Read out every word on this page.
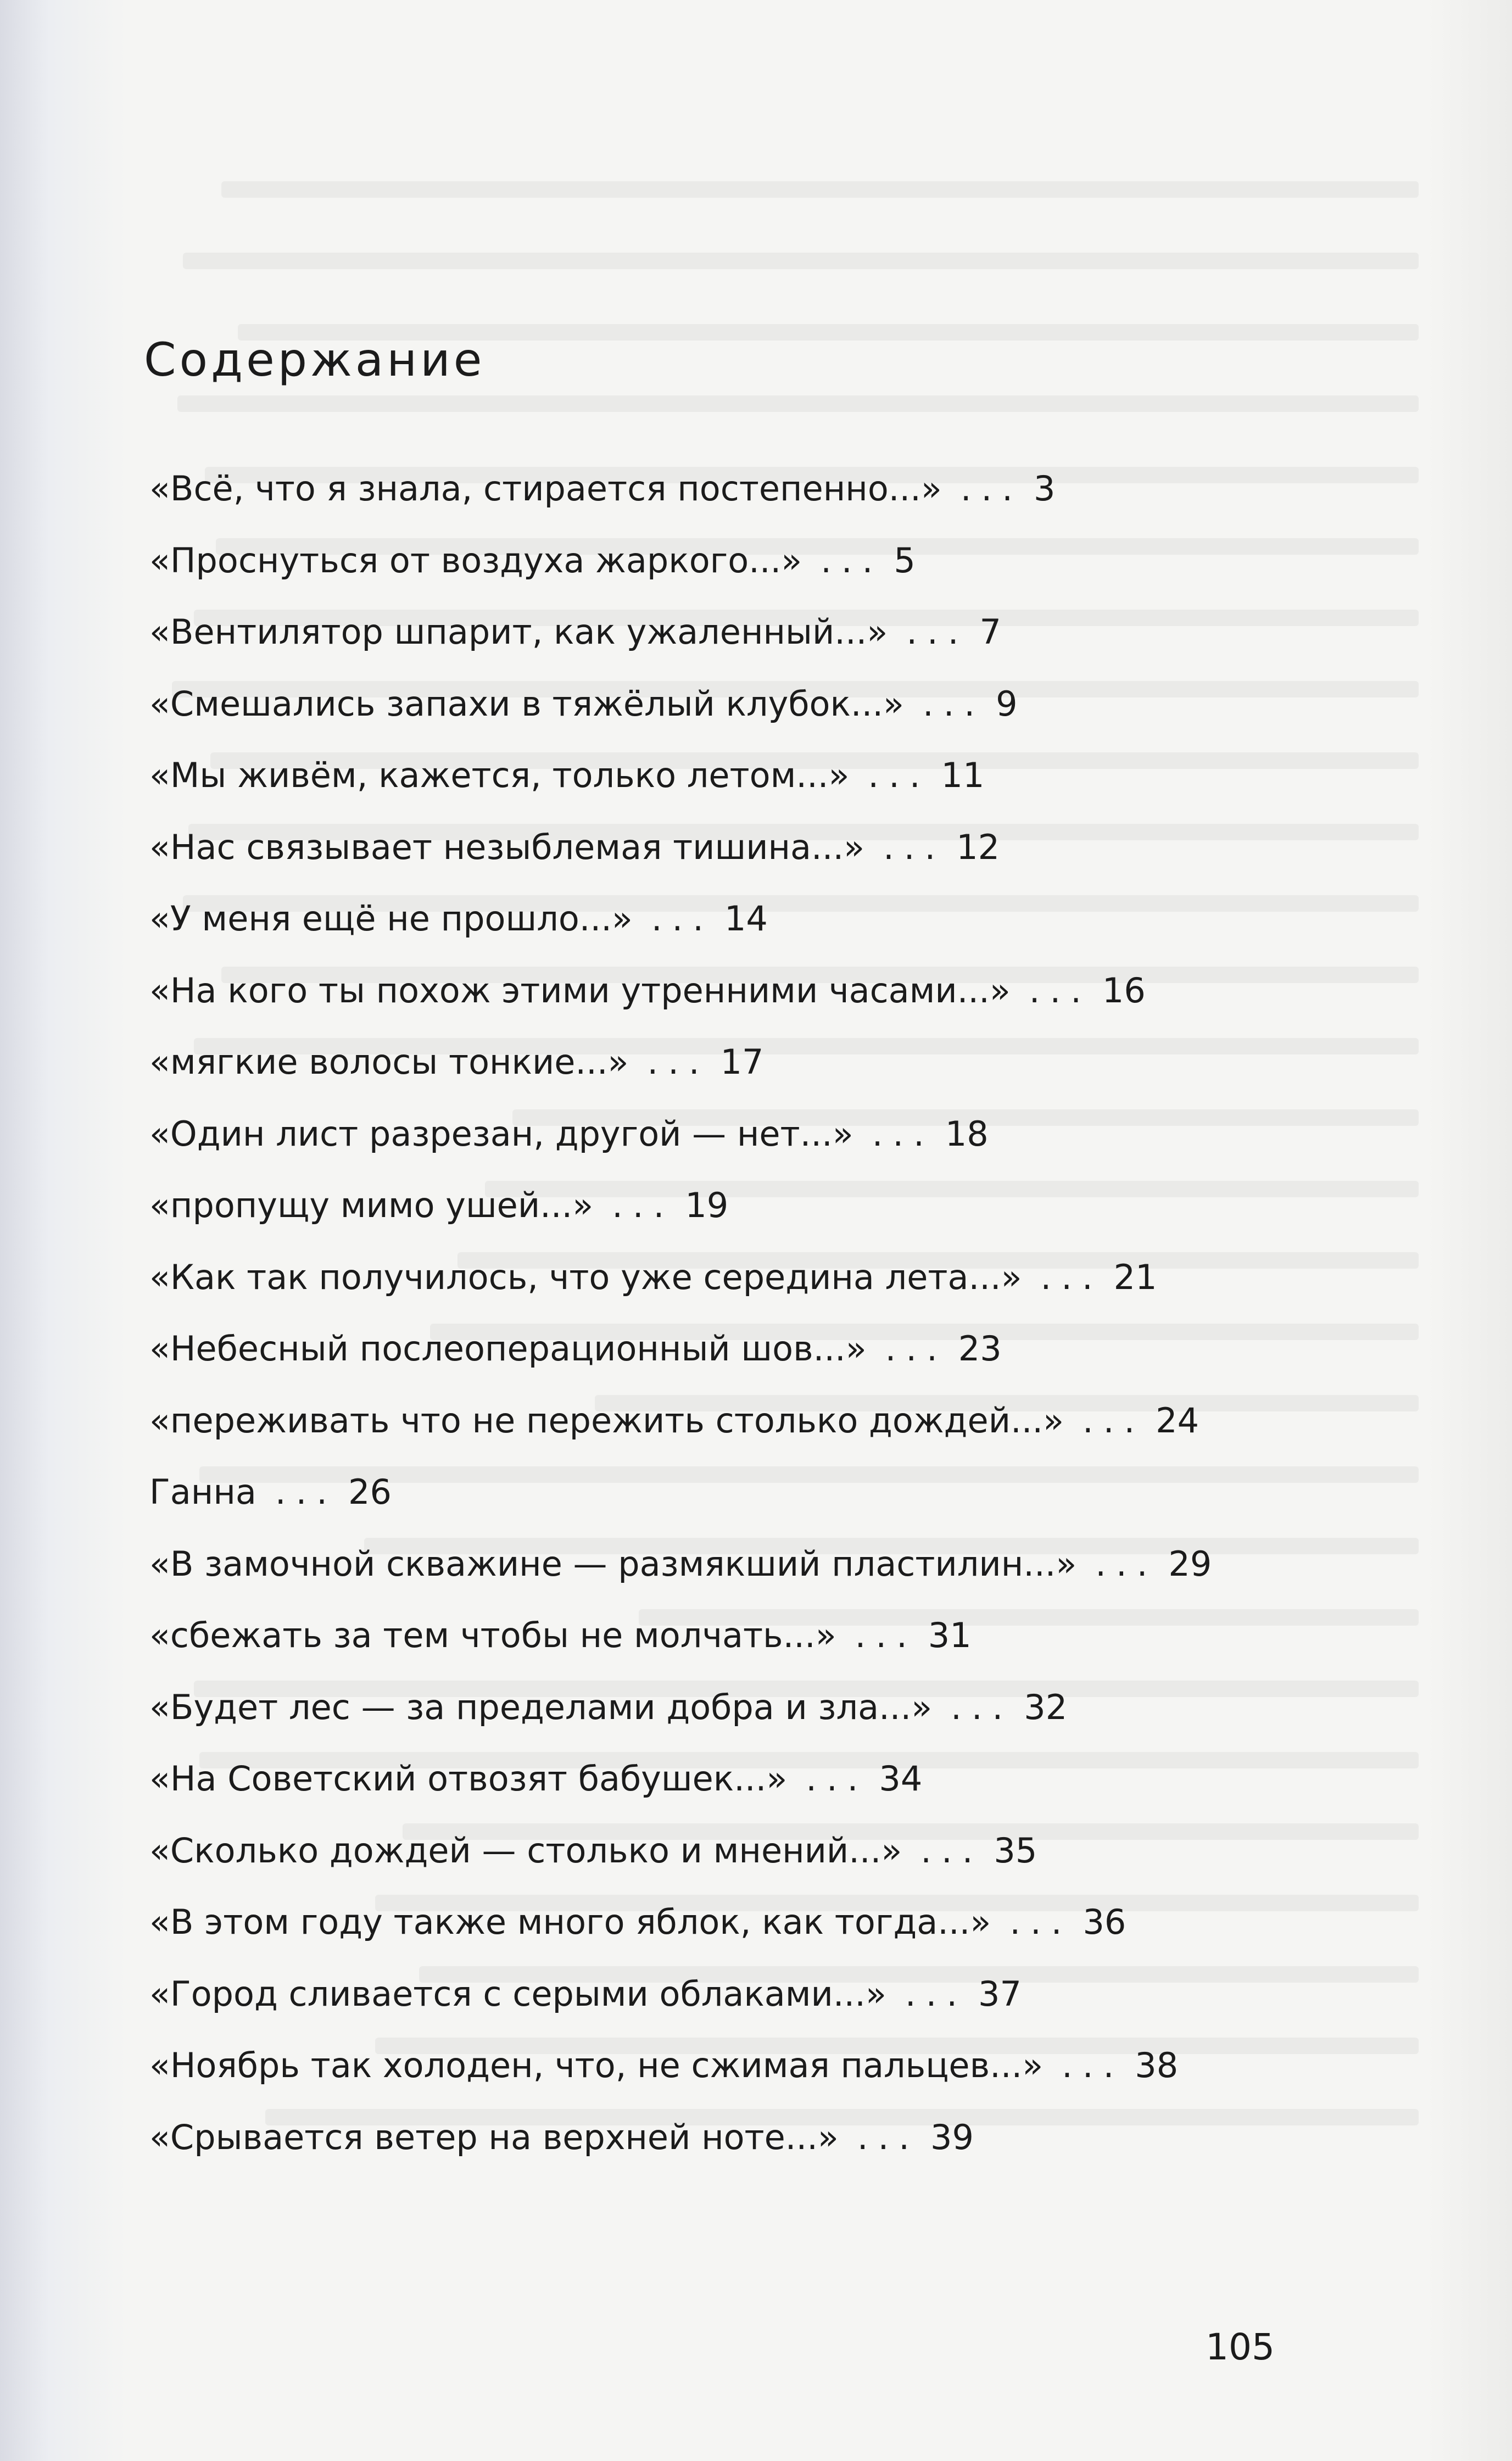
Содержание
«Всё, что я знала, стирается постепенно...» ... 3
«Проснуться от воздуха жаркого...» ... 5
«Вентилятор шпарит, как ужаленный...» ... 7
«Смешались запахи в тяжёлый клубок...» ... 9
«Мы живём, кажется, только летом...» ... 11
«Нас связывает незыблемая тишина...» ... 12
«У меня ещё не прошло...» ... 14
«На кого ты похож этими утренними часами...» ... 16
«мягкие волосы тонкие...» ... 17
«Один лист разрезан, другой — нет...» ... 18
«пропущу мимо ушей...» ... 19
«Как так получилось, что уже середина лета...» ... 21
«Небесный послеоперационный шов...» ... 23
«переживать что не пережить столько дождей...» ... 24
Ганна ... 26
«В замочной скважине — размякший пластилин...» ... 29
«сбежать за тем чтобы не молчать...» ... 31
«Будет лес — за пределами добра и зла...» ... 32
«На Советский отвозят бабушек...» ... 34
«Сколько дождей — столько и мнений...» ... 35
«В этом году также много яблок, как тогда...» ... 36
«Город сливается с серыми облаками...» ... 37
«Ноябрь так холоден, что, не сжимая пальцев...» ... 38
«Срывается ветер на верхней ноте...» ... 39
105
